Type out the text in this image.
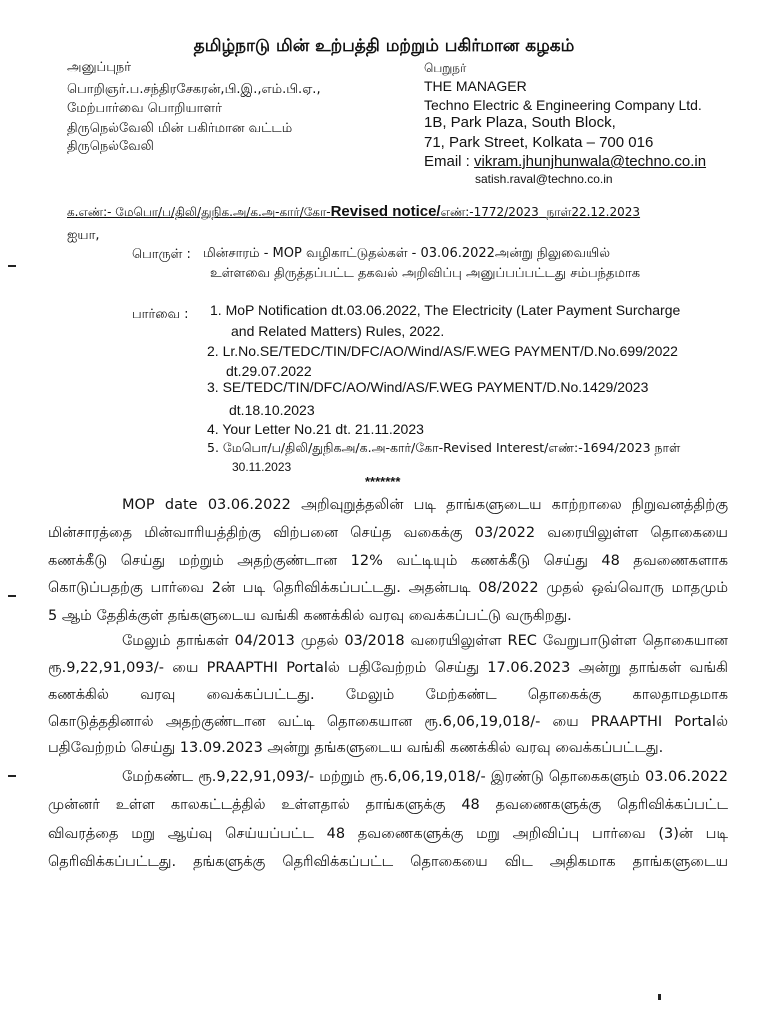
தமிழ்நாடு மின் உற்பத்தி மற்றும் பகிர்மான கழகம்
அனுப்புநர்
பொறிஞர்.ப.சந்திரசேகரன்,பி.இ.,எம்.பி.ஏ.,
மேற்பார்வை பொறியாளர்
திருநெல்வேலி மின் பகிர்மான வட்டம்
திருநெல்வேலி
பெறுநர்
THE MANAGER
Techno Electric & Engineering Company Ltd.
1B, Park Plaza, South Block,
71, Park Street, Kolkata – 700 016
Email : vikram.jhunjhunwala@techno.co.in
satish.raval@techno.co.in
க.எண்:- மேபொ/ப/திலி/துநிக.அ/க.அ-கார்/கோ-Revised notice/எண்:-1772/2023 நாள்22.12.2023
ஐயா,
பொருள் : மின்சாரம் - MOP வழிகாட்டுதல்கள் - 03.06.2022அன்று நிலுவையில்
உள்ளவை திருத்தப்பட்ட தகவல் அறிவிப்பு அனுப்பப்பட்டது சம்பந்தமாக
பார்வை : 1. MoP Notification dt.03.06.2022, The Electricity (Later Payment Surcharge
and Related Matters) Rules, 2022.
2. Lr.No.SE/TEDC/TIN/DFC/AO/Wind/AS/F.WEG PAYMENT/D.No.699/2022
dt.29.07.2022
3. SE/TEDC/TIN/DFC/AO/Wind/AS/F.WEG PAYMENT/D.No.1429/2023
dt.18.10.2023
4. Your Letter No.21 dt. 21.11.2023
5. மேபொ/ப/திலி/துநிகஅ/க.அ-கார்/கோ-Revised Interest/எண்:-1694/2023 நாள்
30.11.2023
*******
MOP date 03.06.2022 அறிவுறுத்தலின் படி தாங்களுடைய காற்றாலை நிறுவனத்திற்கு
மின்சாரத்தை மின்வாரியத்திற்கு விற்பனை செய்த வகைக்கு 03/2022 வரையிலுள்ள தொகையை
கணக்கீடு செய்து மற்றும் அதற்குண்டான 12% வட்டியும் கணக்கீடு செய்து 48 தவணைகளாக
கொடுப்பதற்கு பார்வை 2ன் படி தெரிவிக்கப்பட்டது. அதன்படி 08/2022 முதல் ஒவ்வொரு மாதமும்
5 ஆம் தேதிக்குள் தங்களுடைய வங்கி கணக்கில் வரவு வைக்கப்பட்டு வருகிறது.
மேலும் தாங்கள் 04/2013 முதல் 03/2018 வரையிலுள்ள REC வேறுபாடுள்ள தொகையான
ரூ.9,22,91,093/- யை PRAAPTHI Portalல் பதிவேற்றம் செய்து 17.06.2023 அன்று தாங்கள் வங்கி
கணக்கில் வரவு வைக்கப்பட்டது. மேலும் மேற்கண்ட தொகைக்கு காலதாமதமாக
கொடுத்ததினால் அதற்குண்டான வட்டி தொகையான ரூ.6,06,19,018/- யை PRAAPTHI Portalல்
பதிவேற்றம் செய்து 13.09.2023 அன்று தங்களுடைய வங்கி கணக்கில் வரவு வைக்கப்பட்டது.
மேற்கண்ட ரூ.9,22,91,093/- மற்றும் ரூ.6,06,19,018/- இரண்டு தொகைகளும் 03.06.2022
முன்னர் உள்ள காலகட்டத்தில் உள்ளதால் தாங்களுக்கு 48 தவணைகளுக்கு தெரிவிக்கப்பட்ட
விவரத்தை மறு ஆய்வு செய்யப்பட்ட 48 தவணைகளுக்கு மறு அறிவிப்பு பார்வை (3)ன் படி
தெரிவிக்கப்பட்டது. தங்களுக்கு தெரிவிக்கப்பட்ட தொகையை விட அதிகமாக தாங்களுடைய
